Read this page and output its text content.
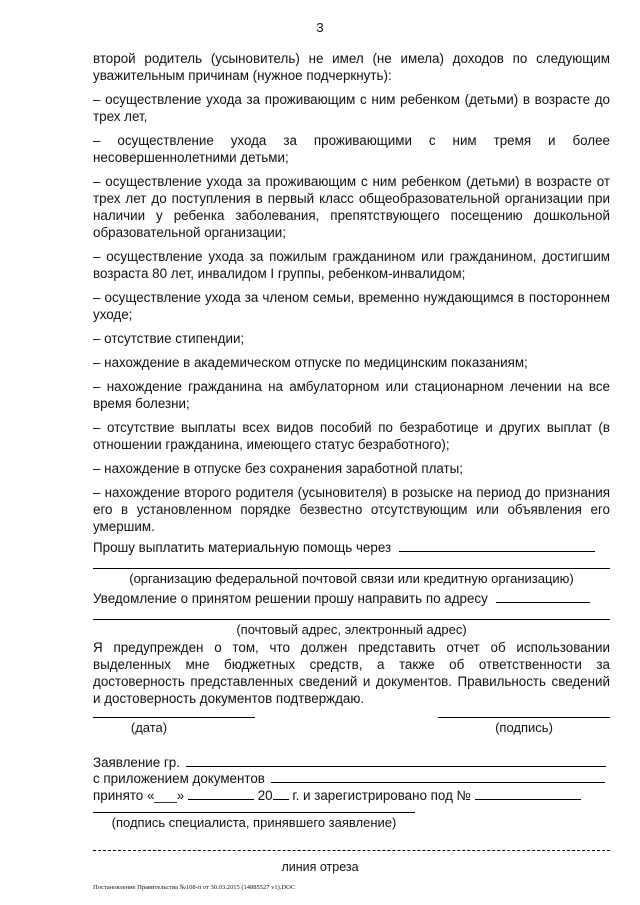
3

второй родитель (усыновитель) не имел (не имела) доходов по следующим уважительным причинам (нужное подчеркнуть):

– осуществление ухода за проживающим с ним ребенком (детьми) в возрасте до трех лет,

– осуществление ухода за проживающими с ним тремя и более несовершеннолетними детьми;

– осуществление ухода за проживающим с ним ребенком (детьми) в возрасте от трех лет до поступления в первый класс общеобразовательной организации при наличии у ребенка заболевания, препятствующего посещению дошкольной образовательной организации;

– осуществление ухода за пожилым гражданином или гражданином, достигшим возраста 80 лет, инвалидом I группы, ребенком-инвалидом;

– осуществление ухода за членом семьи, временно нуждающимся в постороннем уходе;

– отсутствие стипендии;

– нахождение в академическом отпуске по медицинским показаниям;

– нахождение гражданина на амбулаторном или стационарном лечении на все время болезни;

– отсутствие выплаты всех видов пособий по безработице и других выплат (в отношении гражданина, имеющего статус безработного);

– нахождение в отпуске без сохранения заработной платы;

– нахождение второго родителя (усыновителя) в розыске на период до признания его в установленном порядке безвестно отсутствующим или объявления его умершим.

Прошу выплатить материальную помощь через
(организацию федеральной почтовой связи или кредитную организацию)
Уведомление о принятом решении прошу направить по адресу
(почтовый адрес, электронный адрес)
Я предупрежден о том, что должен представить отчет об использовании выделенных мне бюджетных средств, а также об ответственности за достоверность представленных сведений и документов. Правильность сведений и достоверность документов подтверждаю.
(дата)	(подпись)
Заявление гр.
с приложением документов
принято «___»	20 г. и зарегистрировано под №
(подпись специалиста, принявшего заявление)
линия отреза
Постановление Правительства №108-п от 30.03.2015 (14885527 v1).DOC
